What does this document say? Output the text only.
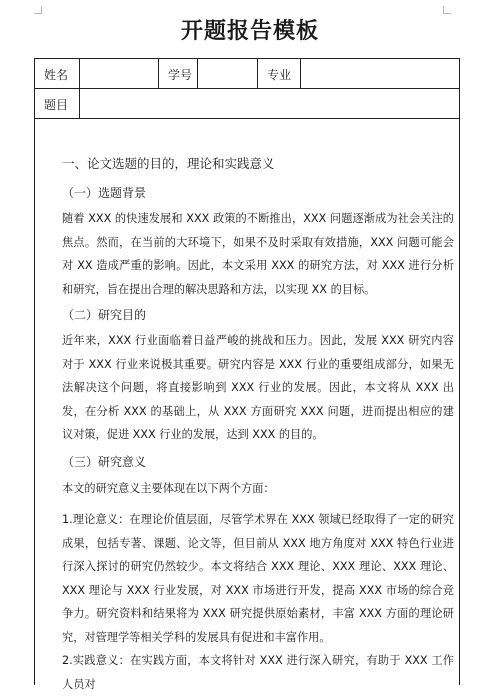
开题报告模板
姓名	学号	专业
题目
一、论文选题的目的，理论和实践意义
（一）选题背景
随着 XXX 的快速发展和 XXX 政策的不断推出，XXX 问题逐渐成为社会关注的焦点。然而，在当前的大环境下，如果不及时采取有效措施，XXX 问题可能会对 XX 造成严重的影响。因此，本文采用 XXX 的研究方法，对 XXX 进行分析和研究，旨在提出合理的解决思路和方法，以实现 XX 的目标。
（二）研究目的
近年来，XXX 行业面临着日益严峻的挑战和压力。因此，发展 XXX 研究内容对于 XXX 行业来说极其重要。研究内容是 XXX 行业的重要组成部分，如果无法解决这个问题，将直接影响到 XXX 行业的发展。因此，本文将从 XXX 出发，在分析 XXX 的基础上，从 XXX 方面研究 XXX 问题，进而提出相应的建议对策，促进 XXX 行业的发展，达到 XXX 的目的。
（三）研究意义
本文的研究意义主要体现在以下两个方面：
1.理论意义：在理论价值层面，尽管学术界在 XXX 领域已经取得了一定的研究成果，包括专著、课题、论文等，但目前从 XXX 地方角度对 XXX 特色行业进行深入探讨的研究仍然较少。本文将结合 XXX 理论、XXX 理论、XXX 理论、XXX 理论与 XXX 行业发展，对 XXX 市场进行开发，提高 XXX 市场的综合竞争力。研究资料和结果将为 XXX 研究提供原始素材，丰富 XXX 方面的理论研究，对管理学等相关学科的发展具有促进和丰富作用。
2.实践意义：在实践方面，本文将针对 XXX 进行深入研究，有助于 XXX 工作人员对
